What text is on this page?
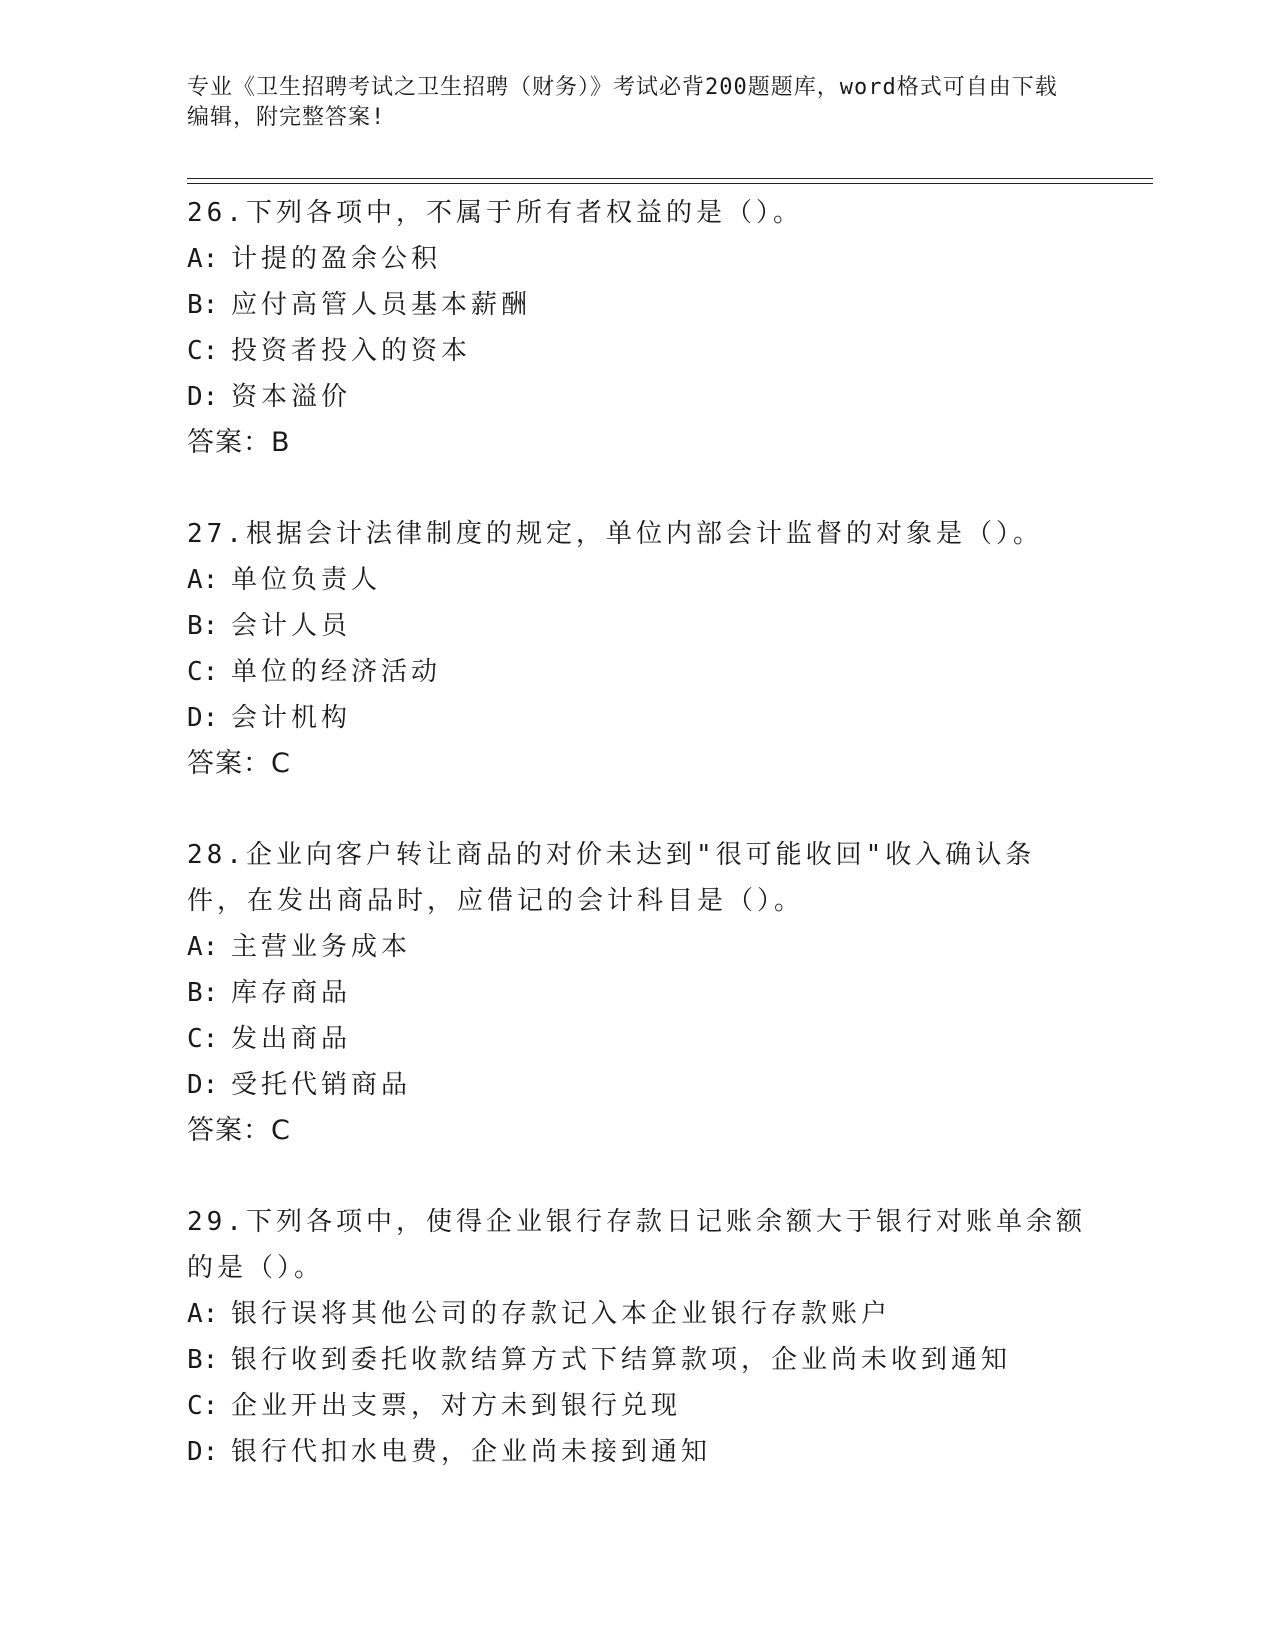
专业《卫生招聘考试之卫生招聘（财务）》考试必背200题题库，word格式可自由下载编辑，附完整答案!

26.下列各项中，不属于所有者权益的是（）。

A: 计提的盈余公积

B: 应付高管人员基本薪酬

C: 投资者投入的资本

D: 资本溢价

答案：B

27.根据会计法律制度的规定，单位内部会计监督的对象是（）。

A: 单位负责人

B: 会计人员

C: 单位的经济活动

D: 会计机构

答案：C

28.企业向客户转让商品的对价未达到"很可能收回"收入确认条件，在发出商品时，应借记的会计科目是（）。

A: 主营业务成本

B: 库存商品

C: 发出商品

D: 受托代销商品

答案：C

29.下列各项中，使得企业银行存款日记账余额大于银行对账单余额的是（）。

A: 银行误将其他公司的存款记入本企业银行存款账户

B: 银行收到委托收款结算方式下结算款项，企业尚未收到通知

C: 企业开出支票，对方未到银行兑现

D: 银行代扣水电费，企业尚未接到通知
